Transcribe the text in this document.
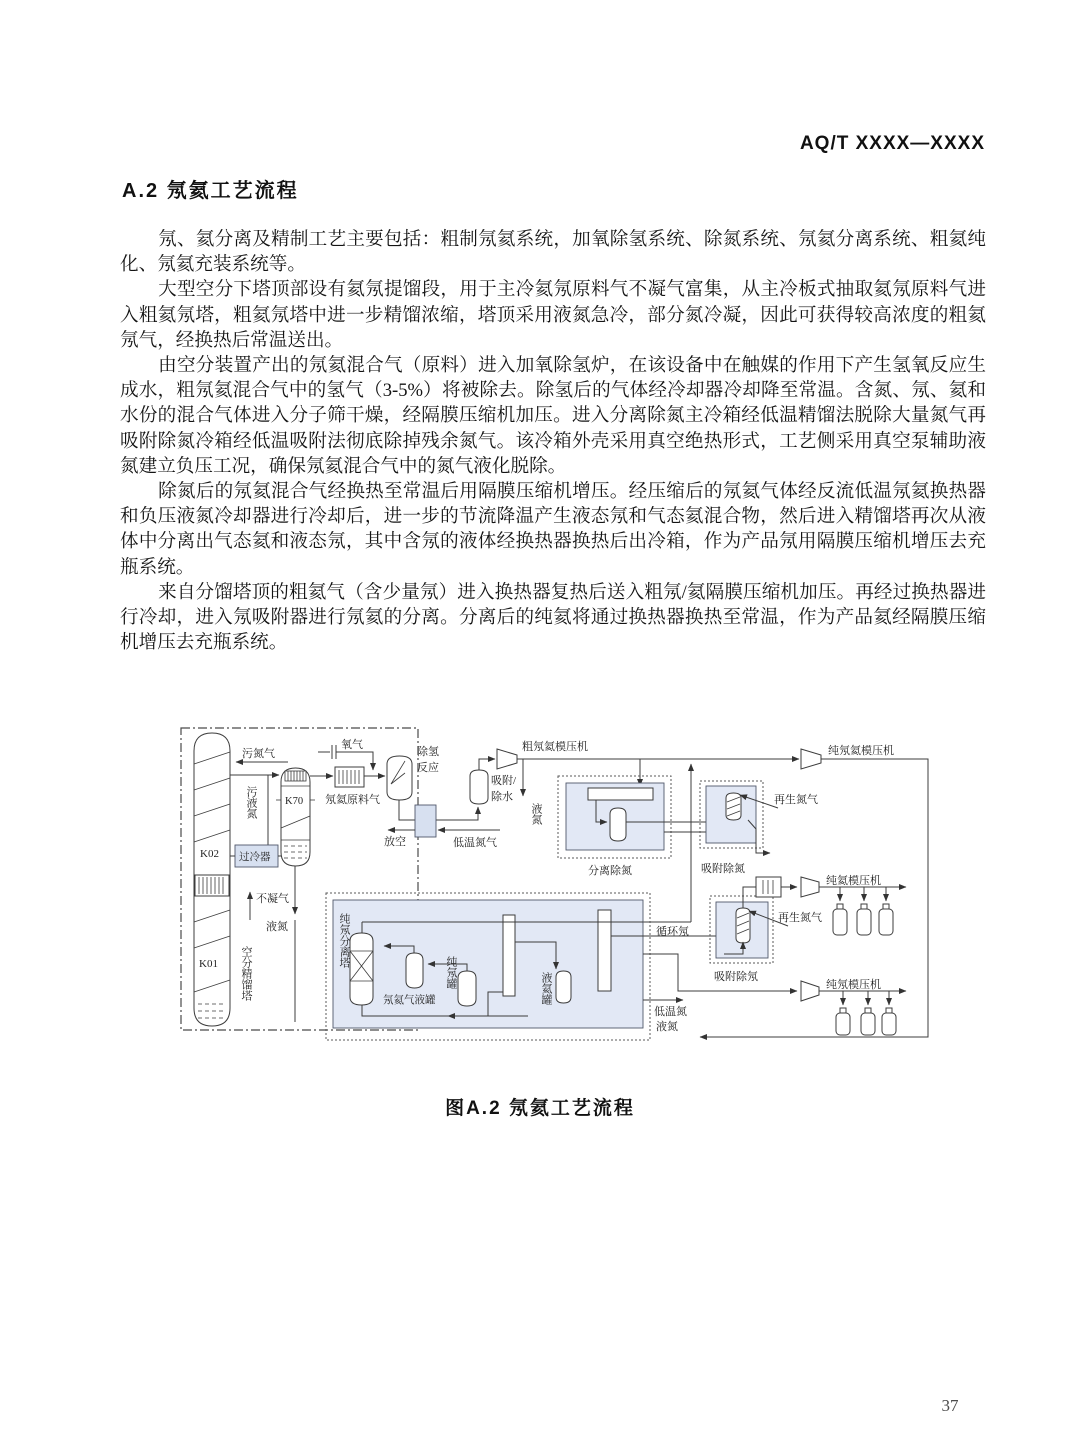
AQ/T XXXX—XXXX
A.2 氖氦工艺流程

氖、氦分离及精制工艺主要包括：粗制氖氦系统，加氧除氢系统、除氮系统、氖氦分离系统、粗氦纯化、氖氦充装系统等。

大型空分下塔顶部设有氦氖提馏段，用于主冷氦氖原料气不凝气富集，从主冷板式抽取氦氖原料气进入粗氦氖塔，粗氦氖塔中进一步精馏浓缩，塔顶采用液氮急冷，部分氮冷凝，因此可获得较高浓度的粗氦氖气，经换热后常温送出。

由空分装置产出的氖氦混合气（原料）进入加氧除氢炉，在该设备中在触媒的作用下产生氢氧反应生成水，粗氖氦混合气中的氢气（3-5%）将被除去。除氢后的气体经冷却器冷却降至常温。含氮、氖、氦和水份的混合气体进入分子筛干燥，经隔膜压缩机加压。进入分离除氮主冷箱经低温精馏法脱除大量氮气再吸附除氮冷箱经低温吸附法彻底除掉残余氮气。该冷箱外壳采用真空绝热形式，工艺侧采用真空泵辅助液氮建立负压工况，确保氖氦混合气中的氮气液化脱除。

除氮后的氖氦混合气经换热至常温后用隔膜压缩机增压。经压缩后的氖氦气体经反流低温氖氦换热器和负压液氮冷却器进行冷却后，进一步的节流降温产生液态氖和气态氦混合物，然后进入精馏塔再次从液体中分离出气态氦和液态氖，其中含氖的液体经换热器换热后出冷箱，作为产品氖用隔膜压缩机增压去充瓶系统。

来自分馏塔顶的粗氦气（含少量氖）进入换热器复热后送入粗氖/氦隔膜压缩机加压。再经过换热器进行冷却，进入氖吸附器进行氖氦的分离。分离后的纯氦将通过换热器换热至常温，作为产品氦经隔膜压缩机增压去充瓶系统。

K02
K01
污氮气
污液氮	K70
过冷器
不凝气
液氮
空分精馏塔
氧气
氖氦原料气
除氢
反应
放空	低温氮气
吸附/
除水
粗氖氦模压机
液氮
分离除氮
再生氮气
吸附除氮
纯氖氦模压机
循环氖
纯氖分离塔
氖氦气液罐
纯氖罐	液氦罐
低温氮
液氮
再生氮气
吸附除氖
纯氦模压机
纯氖模压机
图A.2 氖氦工艺流程
37
